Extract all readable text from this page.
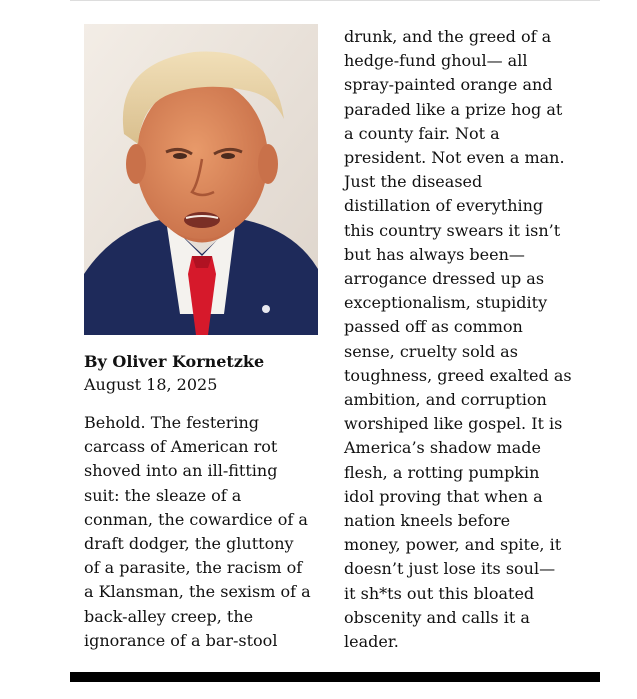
By Oliver Kornetzke
August 18, 2025
Behold. The festering
carcass of American rot
shoved into an ill-fitting
suit: the sleaze of a
conman, the cowardice of a
draft dodger, the gluttony
of a parasite, the racism of
a Klansman, the sexism of a
back-alley creep, the
ignorance of a bar-stool
drunk, and the greed of a
hedge-fund ghoul— all
spray-painted orange and
paraded like a prize hog at
a county fair. Not a
president. Not even a man.
Just the diseased
distillation of everything
this country swears it isn’t
but has always been—
arrogance dressed up as
exceptionalism, stupidity
passed off as common
sense, cruelty sold as
toughness, greed exalted as
ambition, and corruption
worshiped like gospel. It is
America’s shadow made
flesh, a rotting pumpkin
idol proving that when a
nation kneels before
money, power, and spite, it
doesn’t just lose its soul—
it sh*ts out this bloated
obscenity and calls it a
leader.
